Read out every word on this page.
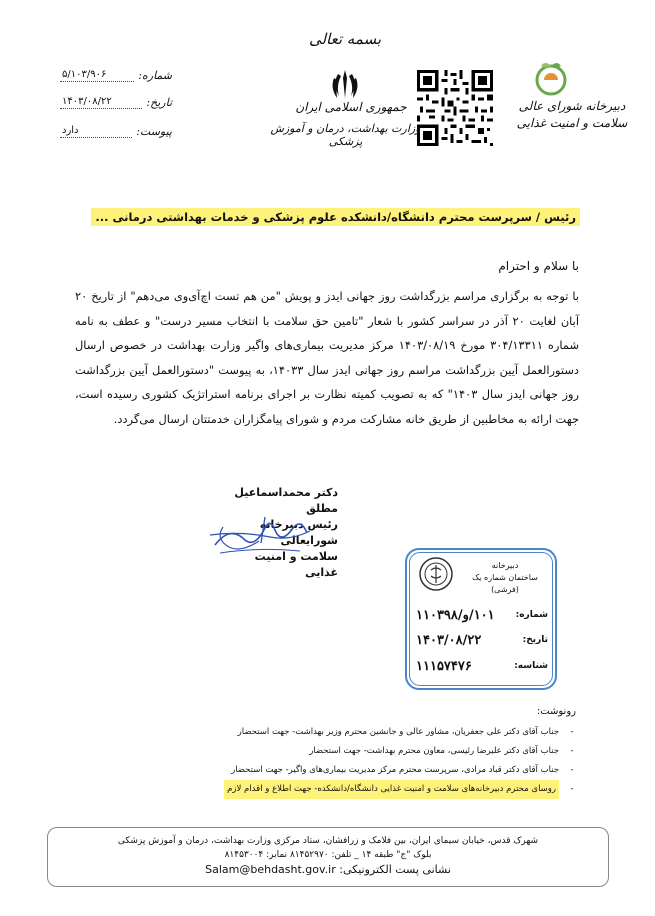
بسمه تعالی
دبیرخانه شورای عالی
سلامت و امنیت غذایی
جمهوری اسلامی ایران
وزارت بهداشت، درمان و آموزش پزشکی
شماره:
۵/۱۰۳/۹۰۶
تاریخ:
۱۴۰۳/۰۸/۲۲
پیوست:
دارد
رئیس / سرپرست محترم دانشگاه/دانشکده علوم پزشکی و خدمات بهداشتی درمانی ...
با سلام و احترام
با توجه به برگزاری مراسم بزرگداشت روز جهانی ایدز و پویش "من هم تست اچ‌آی‌وی می‌دهم" از تاریخ ۲۰ آبان لغایت ۲۰ آذر در سراسر کشور با شعار "تامین حق سلامت با انتخاب مسیر درست" و عطف به نامه شماره ۳۰۴/۱۳۳۱۱ مورخ ۱۴۰۳/۰۸/۱۹ مرکز مدیریت بیماری‌های واگیر وزارت بهداشت در خصوص ارسال دستورالعمل آیین بزرگداشت مراسم روز جهانی ایدز سال ۱۴۰۳۳، به پیوست "دستورالعمل آیین بزرگداشت روز جهانی ایدز سال ۱۴۰۳" که به تصویب کمیته نظارت بر اجرای برنامه استراتژیک کشوری رسیده است، جهت ارائه به مخاطبین از طریق خانه مشارکت مردم و شورای پیامگزاران خدمتتان ارسال می‌گردد.
دکتر محمداسماعیل مطلق
رئیس دبیرخانه شورایعالی
سلامت و امنیت غذایی
دبیرخانه
ساختمان شماره یک
(فرشی)
شماره:
۱۰۱/و/۱۱۰۳۹۸
تاریخ:
۱۴۰۳/۰۸/۲۲
شناسه:
۱۱۱۵۷۴۷۶
رونوشت:
-
جناب آقای دکتر علی جعفریان، مشاور عالی و جانشین محترم وزیر بهداشت- جهت استحضار
-
جناب آقای دکتر علیرضا رئیسی، معاون محترم بهداشت- جهت استحضار
-
جناب آقای دکتر قباد مرادی، سرپرست محترم مرکز مدیریت بیماری‌های واگیر- جهت استحضار
-
روسای محترم دبیرخانه‌های سلامت و امنیت غذایی دانشگاه/دانشکده- جهت اطلاع و اقدام لازم
شهرک قدس، خیابان سیمای ایران، بین فلامک و زرافشان، ستاد مرکزی وزارت بهداشت، درمان و آموزش پزشکی
بلوک "ج" طبقه ۱۴ _ تلفن: ۸۱۴۵۲۹۷۰ نمابر: ۸۱۴۵۳۰۰۴
نشانی پست الکترونیکی: Salam@behdasht.gov.ir
